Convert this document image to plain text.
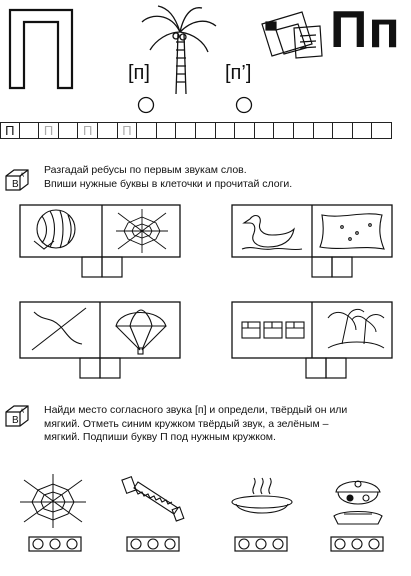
Пп
[п]	[п’]
П	П	П	П
В
А Разгадай ребусы по первым звукам слов.
Впиши нужные буквы в клеточки и прочитай слоги.
В
А Найди место согласного звука [п] и определи, твёрдый он или
мягкий. Отметь синим кружком твёрдый звук, а зелёным –
мягкий. Подпиши букву П под нужным кружком.
